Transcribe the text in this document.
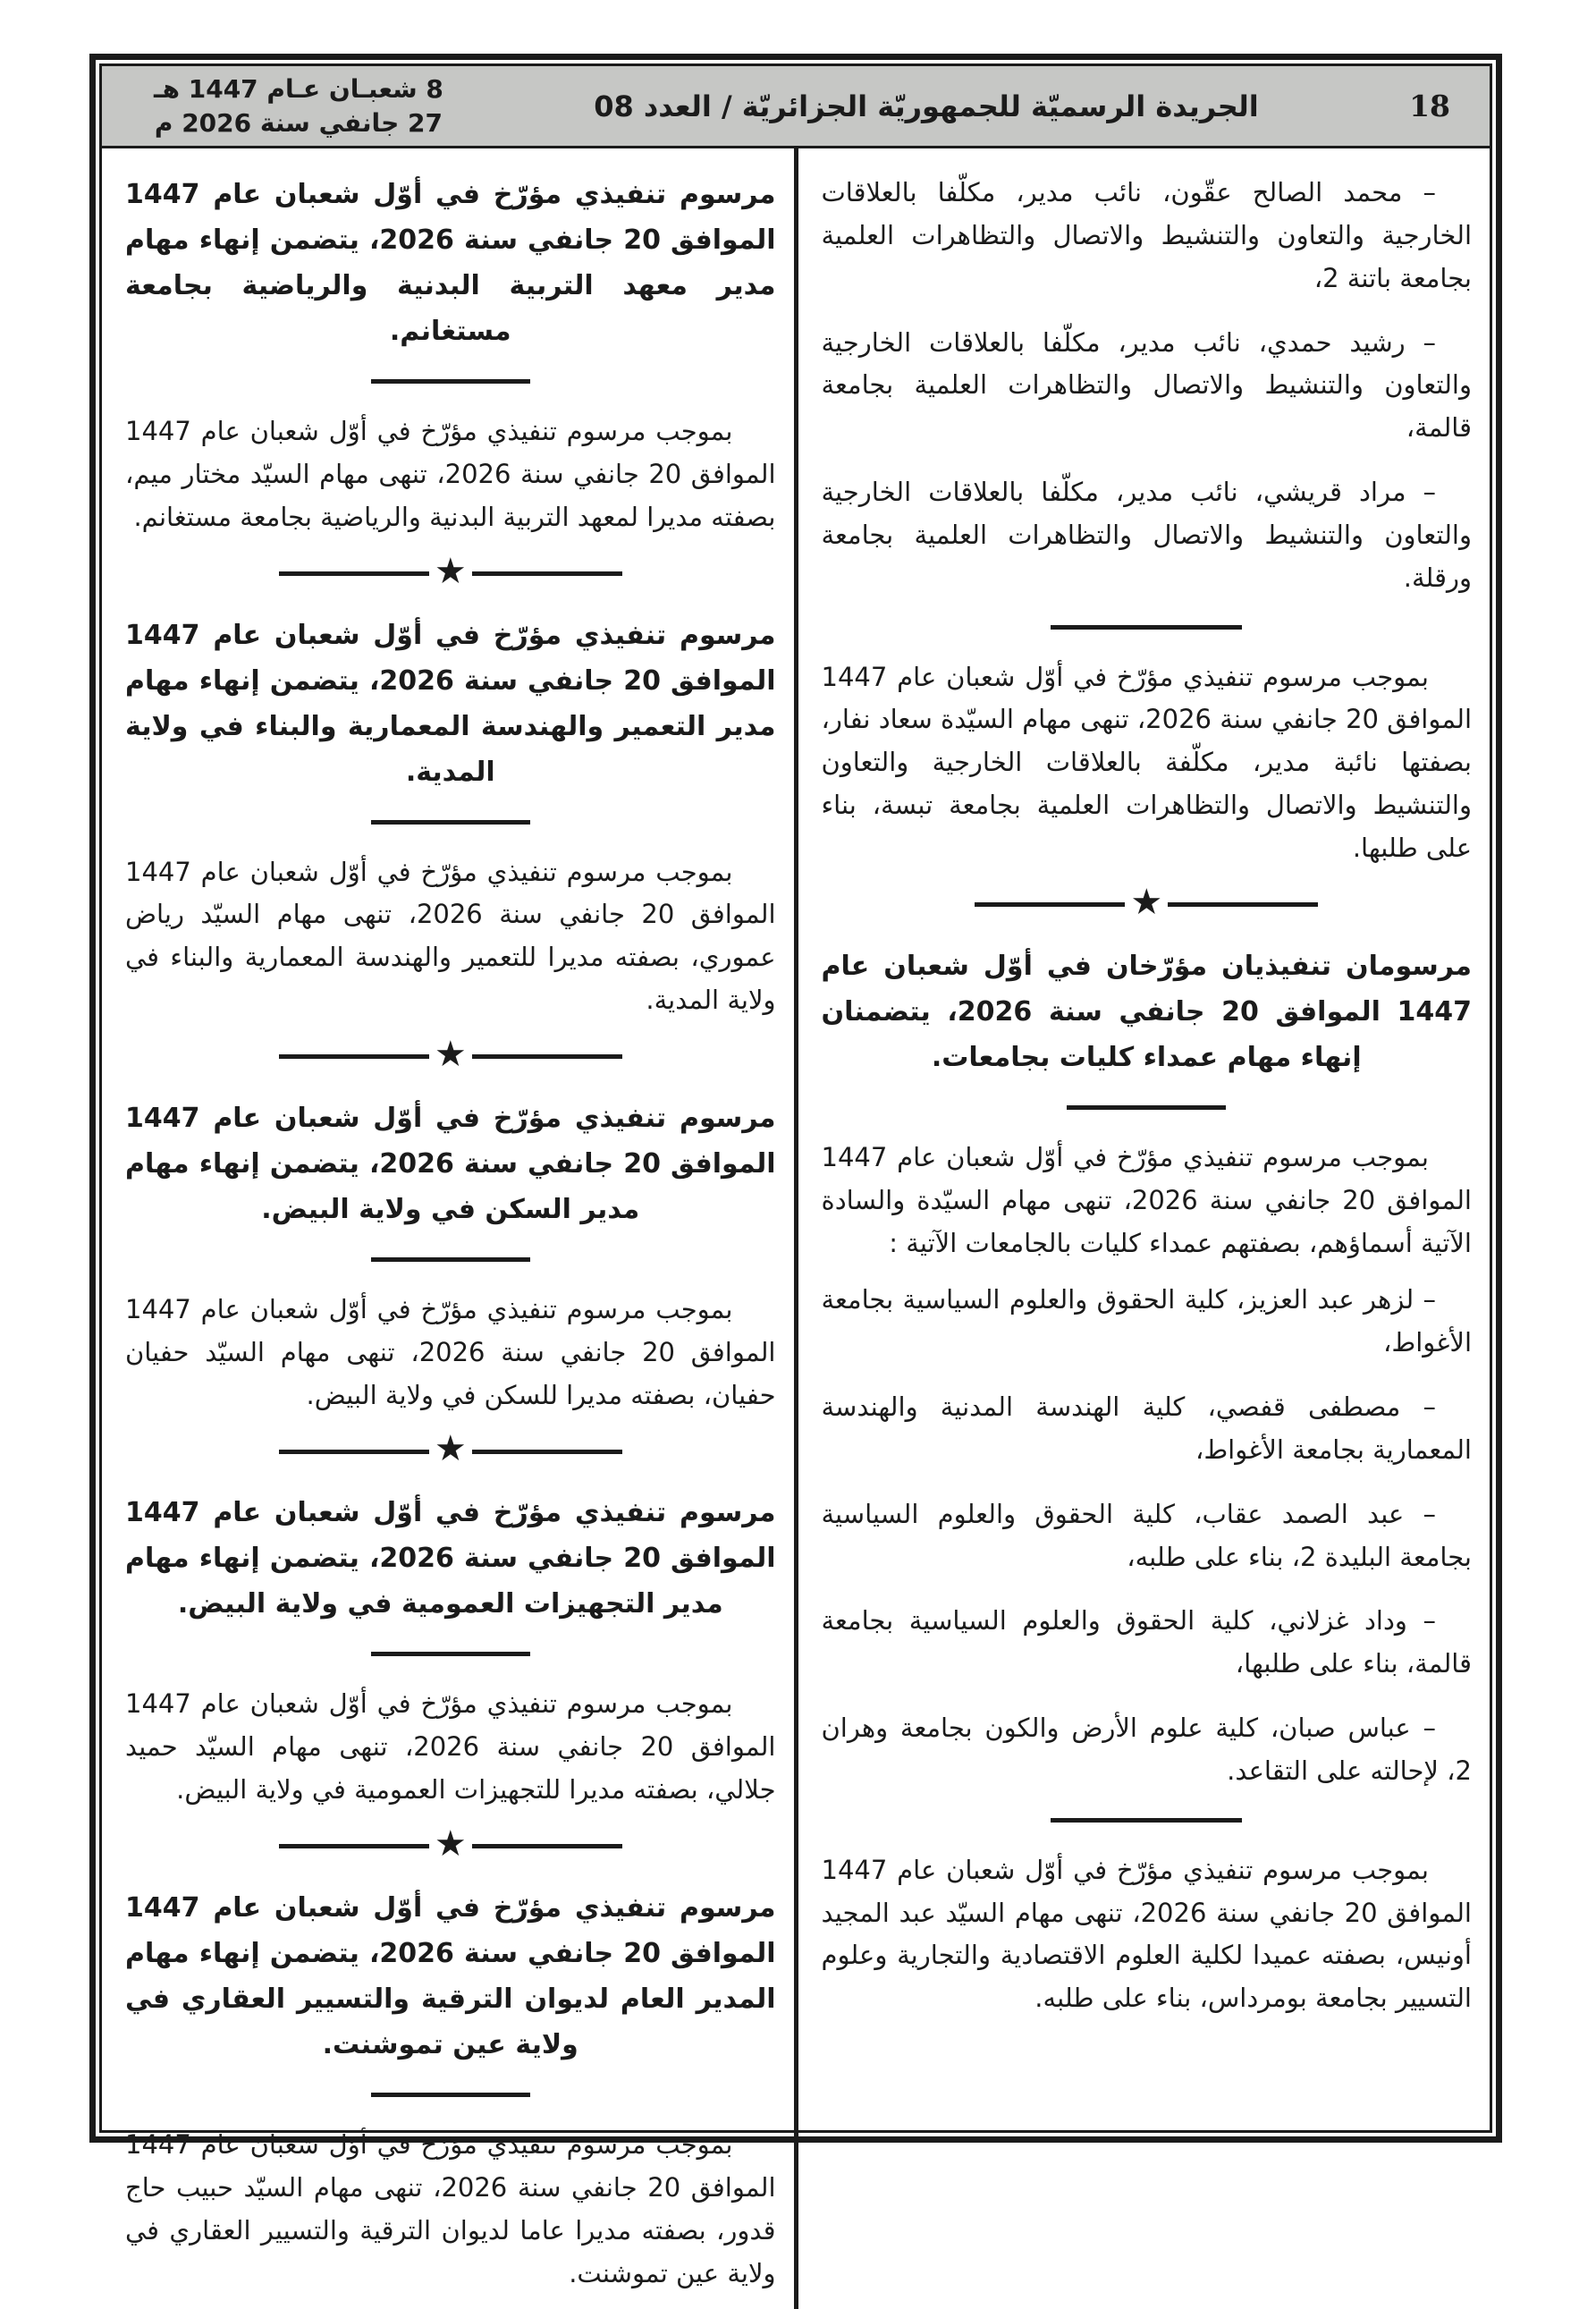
8 شعبـان عـام 1447 هـ
27 جانفي سنة 2026 م	الجريدة الرسميّة للجمهوريّة الجزائريّة / العدد 08	18

– محمد الصالح عقّون، نائب مدير، مكلّفا بالعلاقات الخارجية والتعاون والتنشيط والاتصال والتظاهرات العلمية بجامعة باتنة 2،

– رشيد حمدي، نائب مدير، مكلّفا بالعلاقات الخارجية والتعاون والتنشيط والاتصال والتظاهرات العلمية بجامعة قالمة،

– مراد قريشي، نائب مدير، مكلّفا بالعلاقات الخارجية والتعاون والتنشيط والاتصال والتظاهرات العلمية بجامعة ورقلة.

بموجب مرسوم تنفيذي مؤرّخ في أوّل شعبان عام 1447 الموافق 20 جانفي سنة 2026، تنهى مهام السيّدة سعاد نفار، بصفتها نائبة مدير، مكلّفة بالعلاقات الخارجية والتعاون والتنشيط والاتصال والتظاهرات العلمية بجامعة تبسة، بناء على طلبها.

★
مرسومان تنفيذيان مؤرّخان في أوّل شعبان عام 1447 الموافق 20 جانفي سنة 2026، يتضمنان إنهاء مهام عمداء كليات بجامعات.

بموجب مرسوم تنفيذي مؤرّخ في أوّل شعبان عام 1447 الموافق 20 جانفي سنة 2026، تنهى مهام السيّدة والسادة الآتية أسماؤهم، بصفتهم عمداء كليات بالجامعات الآتية :

– لزهر عبد العزيز، كلية الحقوق والعلوم السياسية بجامعة الأغواط،

– مصطفى قفصي، كلية الهندسة المدنية والهندسة المعمارية بجامعة الأغواط،

– عبد الصمد عقاب، كلية الحقوق والعلوم السياسية بجامعة البليدة 2، بناء على طلبه،

– وداد غزلاني، كلية الحقوق والعلوم السياسية بجامعة قالمة، بناء على طلبها،

– عباس صبان، كلية علوم الأرض والكون بجامعة وهران 2، لإحالته على التقاعد.

بموجب مرسوم تنفيذي مؤرّخ في أوّل شعبان عام 1447 الموافق 20 جانفي سنة 2026، تنهى مهام السيّد عبد المجيد أونيس، بصفته عميدا لكلية العلوم الاقتصادية والتجارية وعلوم التسيير بجامعة بومرداس، بناء على طلبه.

مرسوم تنفيذي مؤرّخ في أوّل شعبان عام 1447 الموافق 20 جانفي سنة 2026، يتضمن إنهاء مهام مدير معهد التربية البدنية والرياضية بجامعة مستغانم.

بموجب مرسوم تنفيذي مؤرّخ في أوّل شعبان عام 1447 الموافق 20 جانفي سنة 2026، تنهى مهام السيّد مختار ميم، بصفته مديرا لمعهد التربية البدنية والرياضية بجامعة مستغانم.

★
مرسوم تنفيذي مؤرّخ في أوّل شعبان عام 1447 الموافق 20 جانفي سنة 2026، يتضمن إنهاء مهام مدير التعمير والهندسة المعمارية والبناء في ولاية المدية.

بموجب مرسوم تنفيذي مؤرّخ في أوّل شعبان عام 1447 الموافق 20 جانفي سنة 2026، تنهى مهام السيّد رياض عموري، بصفته مديرا للتعمير والهندسة المعمارية والبناء في ولاية المدية.

★
مرسوم تنفيذي مؤرّخ في أوّل شعبان عام 1447 الموافق 20 جانفي سنة 2026، يتضمن إنهاء مهام مدير السكن في ولاية البيض.

بموجب مرسوم تنفيذي مؤرّخ في أوّل شعبان عام 1447 الموافق 20 جانفي سنة 2026، تنهى مهام السيّد حفيان حفيان، بصفته مديرا للسكن في ولاية البيض.

★
مرسوم تنفيذي مؤرّخ في أوّل شعبان عام 1447 الموافق 20 جانفي سنة 2026، يتضمن إنهاء مهام مدير التجهيزات العمومية في ولاية البيض.

بموجب مرسوم تنفيذي مؤرّخ في أوّل شعبان عام 1447 الموافق 20 جانفي سنة 2026، تنهى مهام السيّد حميد جلالي، بصفته مديرا للتجهيزات العمومية في ولاية البيض.

★
مرسوم تنفيذي مؤرّخ في أوّل شعبان عام 1447 الموافق 20 جانفي سنة 2026، يتضمن إنهاء مهام المدير العام لديوان الترقية والتسيير العقاري في ولاية عين تموشنت.

بموجب مرسوم تنفيذي مؤرّخ في أوّل شعبان عام 1447 الموافق 20 جانفي سنة 2026، تنهى مهام السيّد حبيب حاج قدور، بصفته مديرا عاما لديوان الترقية والتسيير العقاري في ولاية عين تموشنت.
